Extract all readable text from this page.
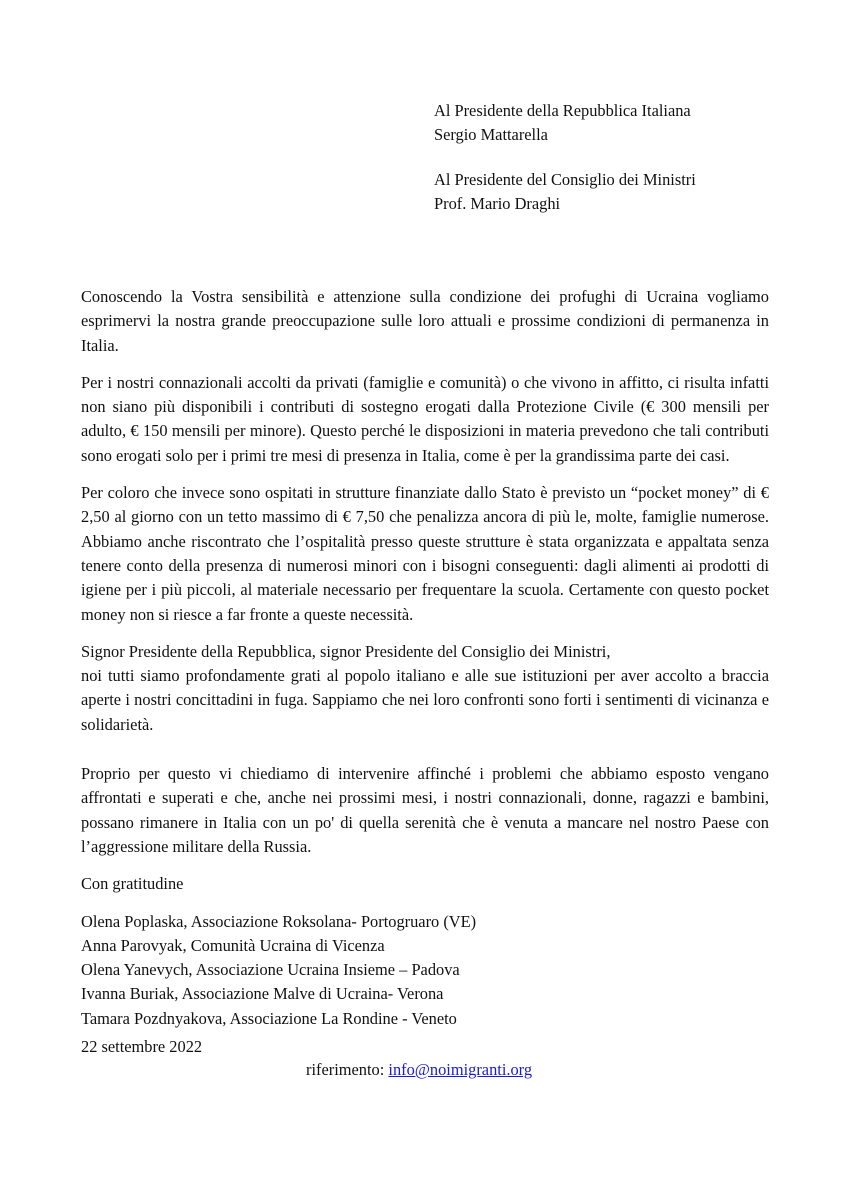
Al Presidente della Repubblica Italiana
Sergio Mattarella
Al Presidente del Consiglio dei Ministri
Prof. Mario Draghi

Conoscendo la Vostra sensibilità e attenzione sulla condizione dei profughi di Ucraina vogliamo esprimervi la nostra grande preoccupazione sulle loro attuali e prossime condizioni di permanenza in Italia.

Per i nostri connazionali accolti da privati (famiglie e comunità) o che vivono in affitto, ci risulta infatti non siano più disponibili i contributi di sostegno erogati dalla Protezione Civile (€ 300 mensili per adulto, € 150 mensili per minore). Questo perché le disposizioni in materia prevedono che tali contributi sono erogati solo per i primi tre mesi di presenza in Italia, come è per la grandissima parte dei casi.

Per coloro che invece sono ospitati in strutture finanziate dallo Stato è previsto un “pocket money” di € 2,50 al giorno con un tetto massimo di € 7,50 che penalizza ancora di più le, molte, famiglie numerose. Abbiamo anche riscontrato che l’ospitalità presso queste strutture è stata organizzata e appaltata senza tenere conto della presenza di numerosi minori con i bisogni conseguenti: dagli alimenti ai prodotti di igiene per i più piccoli, al materiale necessario per frequentare la scuola. Certamente con questo pocket money non si riesce a far fronte a queste necessità.

Signor Presidente della Repubblica, signor Presidente del Consiglio dei Ministri,

noi tutti siamo profondamente grati al popolo italiano e alle sue istituzioni per aver accolto a braccia aperte i nostri concittadini in fuga. Sappiamo che nei loro confronti sono forti i sentimenti di vicinanza e solidarietà.

Proprio per questo vi chiediamo di intervenire affinché i problemi che abbiamo esposto vengano affrontati e superati e che, anche nei prossimi mesi, i nostri connazionali, donne, ragazzi e bambini, possano rimanere in Italia con un po' di quella serenità che è venuta a mancare nel nostro Paese con l’aggressione militare della Russia.

Con gratitudine

Olena Poplaska, Associazione Roksolana- Portogruaro (VE)
Anna Parovyak, Comunità Ucraina di Vicenza
Olena Yanevych, Associazione Ucraina Insieme – Padova
Ivanna Buriak, Associazione Malve di Ucraina- Verona
Tamara Pozdnyakova, Associazione La Rondine - Veneto
22 settembre 2022
riferimento: info@noimigranti.org
